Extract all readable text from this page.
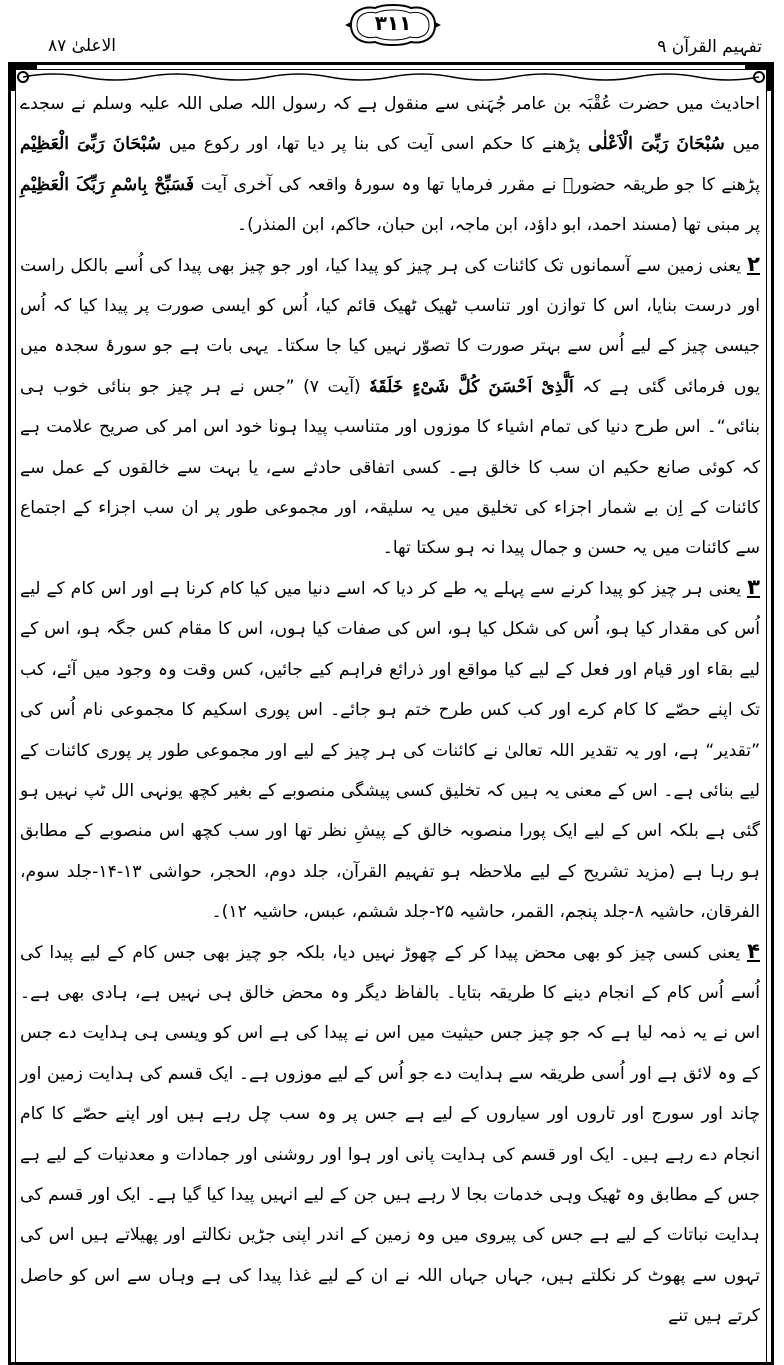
الاعلیٰ ۸۷
۳۱۱
تفہیم القرآن ۹

احادیث میں حضرت عُقْبَہ بن عامر جُہَنی سے منقول ہے کہ رسول اللہ صلی اللہ علیہ وسلم نے سجدے میں سُبْحَانَ رَبِّیَ الْاَعْلٰی پڑھنے کا حکم اسی آیت کی بنا پر دیا تھا، اور رکوع میں سُبْحَانَ رَبِّیَ الْعَظِیْم پڑھنے کا جو طریقہ حضورؐ نے مقرر فرمایا تھا وہ سورۂ واقعہ کی آخری آیت فَسَبِّحْ بِاسْمِ رَبِّکَ الْعَظِیْمِ پر مبنی تھا (مسند احمد، ابو داؤد، ابن ماجہ، ابن حبان، حاکم، ابن المنذر)۔

۲ یعنی زمین سے آسمانوں تک کائنات کی ہر چیز کو پیدا کیا، اور جو چیز بھی پیدا کی اُسے بالکل راست اور درست بنایا، اس کا توازن اور تناسب ٹھیک ٹھیک قائم کیا، اُس کو ایسی صورت پر پیدا کیا کہ اُس جیسی چیز کے لیے اُس سے بہتر صورت کا تصوّر نہیں کیا جا سکتا۔ یہی بات ہے جو سورۂ سجدہ میں یوں فرمائی گئی ہے کہ اَلَّذِیْ اَحْسَنَ کُلَّ شَیْءٍ خَلَقَهٗ (آیت ۷) ”جس نے ہر چیز جو بنائی خوب ہی بنائی“۔ اس طرح دنیا کی تمام اشیاء کا موزوں اور متناسب پیدا ہونا خود اس امر کی صریح علامت ہے کہ کوئی صانع حکیم ان سب کا خالق ہے۔ کسی اتفاقی حادثے سے، یا بہت سے خالقوں کے عمل سے کائنات کے اِن بے شمار اجزاء کی تخلیق میں یہ سلیقہ، اور مجموعی طور پر ان سب اجزاء کے اجتماع سے کائنات میں یہ حسن و جمال پیدا نہ ہو سکتا تھا۔

۳ یعنی ہر چیز کو پیدا کرنے سے پہلے یہ طے کر دیا کہ اسے دنیا میں کیا کام کرنا ہے اور اس کام کے لیے اُس کی مقدار کیا ہو، اُس کی شکل کیا ہو، اس کی صفات کیا ہوں، اس کا مقام کس جگہ ہو، اس کے لیے بقاء اور قیام اور فعل کے لیے کیا مواقع اور ذرائع فراہم کیے جائیں، کس وقت وہ وجود میں آئے، کب تک اپنے حصّے کا کام کرے اور کب کس طرح ختم ہو جائے۔ اس پوری اسکیم کا مجموعی نام اُس کی ”تقدیر“ ہے، اور یہ تقدیر اللہ تعالیٰ نے کائنات کی ہر چیز کے لیے اور مجموعی طور پر پوری کائنات کے لیے بنائی ہے۔ اس کے معنی یہ ہیں کہ تخلیق کسی پیشگی منصوبے کے بغیر کچھ یونہی الل ٹپ نہیں ہو گئی ہے بلکہ اس کے لیے ایک پورا منصوبہ خالق کے پیشِ نظر تھا اور سب کچھ اس منصوبے کے مطابق ہو رہا ہے (مزید تشریح کے لیے ملاحظہ ہو تفہیم القرآن، جلد دوم، الحجر، حواشی ۱۳-۱۴-جلد سوم، الفرقان، حاشیہ ۸-جلد پنجم، القمر، حاشیہ ۲۵-جلد ششم، عبس، حاشیہ ۱۲)۔

۴ یعنی کسی چیز کو بھی محض پیدا کر کے چھوڑ نہیں دیا، بلکہ جو چیز بھی جس کام کے لیے پیدا کی اُسے اُس کام کے انجام دینے کا طریقہ بتایا۔ بالفاظ دیگر وہ محض خالق ہی نہیں ہے، ہادی بھی ہے۔ اس نے یہ ذمہ لیا ہے کہ جو چیز جس حیثیت میں اس نے پیدا کی ہے اس کو ویسی ہی ہدایت دے جس کے وہ لائق ہے اور اُسی طریقہ سے ہدایت دے جو اُس کے لیے موزوں ہے۔ ایک قسم کی ہدایت زمین اور چاند اور سورج اور تاروں اور سیاروں کے لیے ہے جس پر وہ سب چل رہے ہیں اور اپنے حصّے کا کام انجام دے رہے ہیں۔ ایک اور قسم کی ہدایت پانی اور ہوا اور روشنی اور جمادات و معدنیات کے لیے ہے جس کے مطابق وہ ٹھیک وہی خدمات بجا لا رہے ہیں جن کے لیے انہیں پیدا کیا گیا ہے۔ ایک اور قسم کی ہدایت نباتات کے لیے ہے جس کی پیروی میں وہ زمین کے اندر اپنی جڑیں نکالتے اور پھیلاتے ہیں اس کی تہوں سے پھوٹ کر نکلتے ہیں، جہاں جہاں اللہ نے ان کے لیے غذا پیدا کی ہے وہاں سے اس کو حاصل کرتے ہیں تنے
